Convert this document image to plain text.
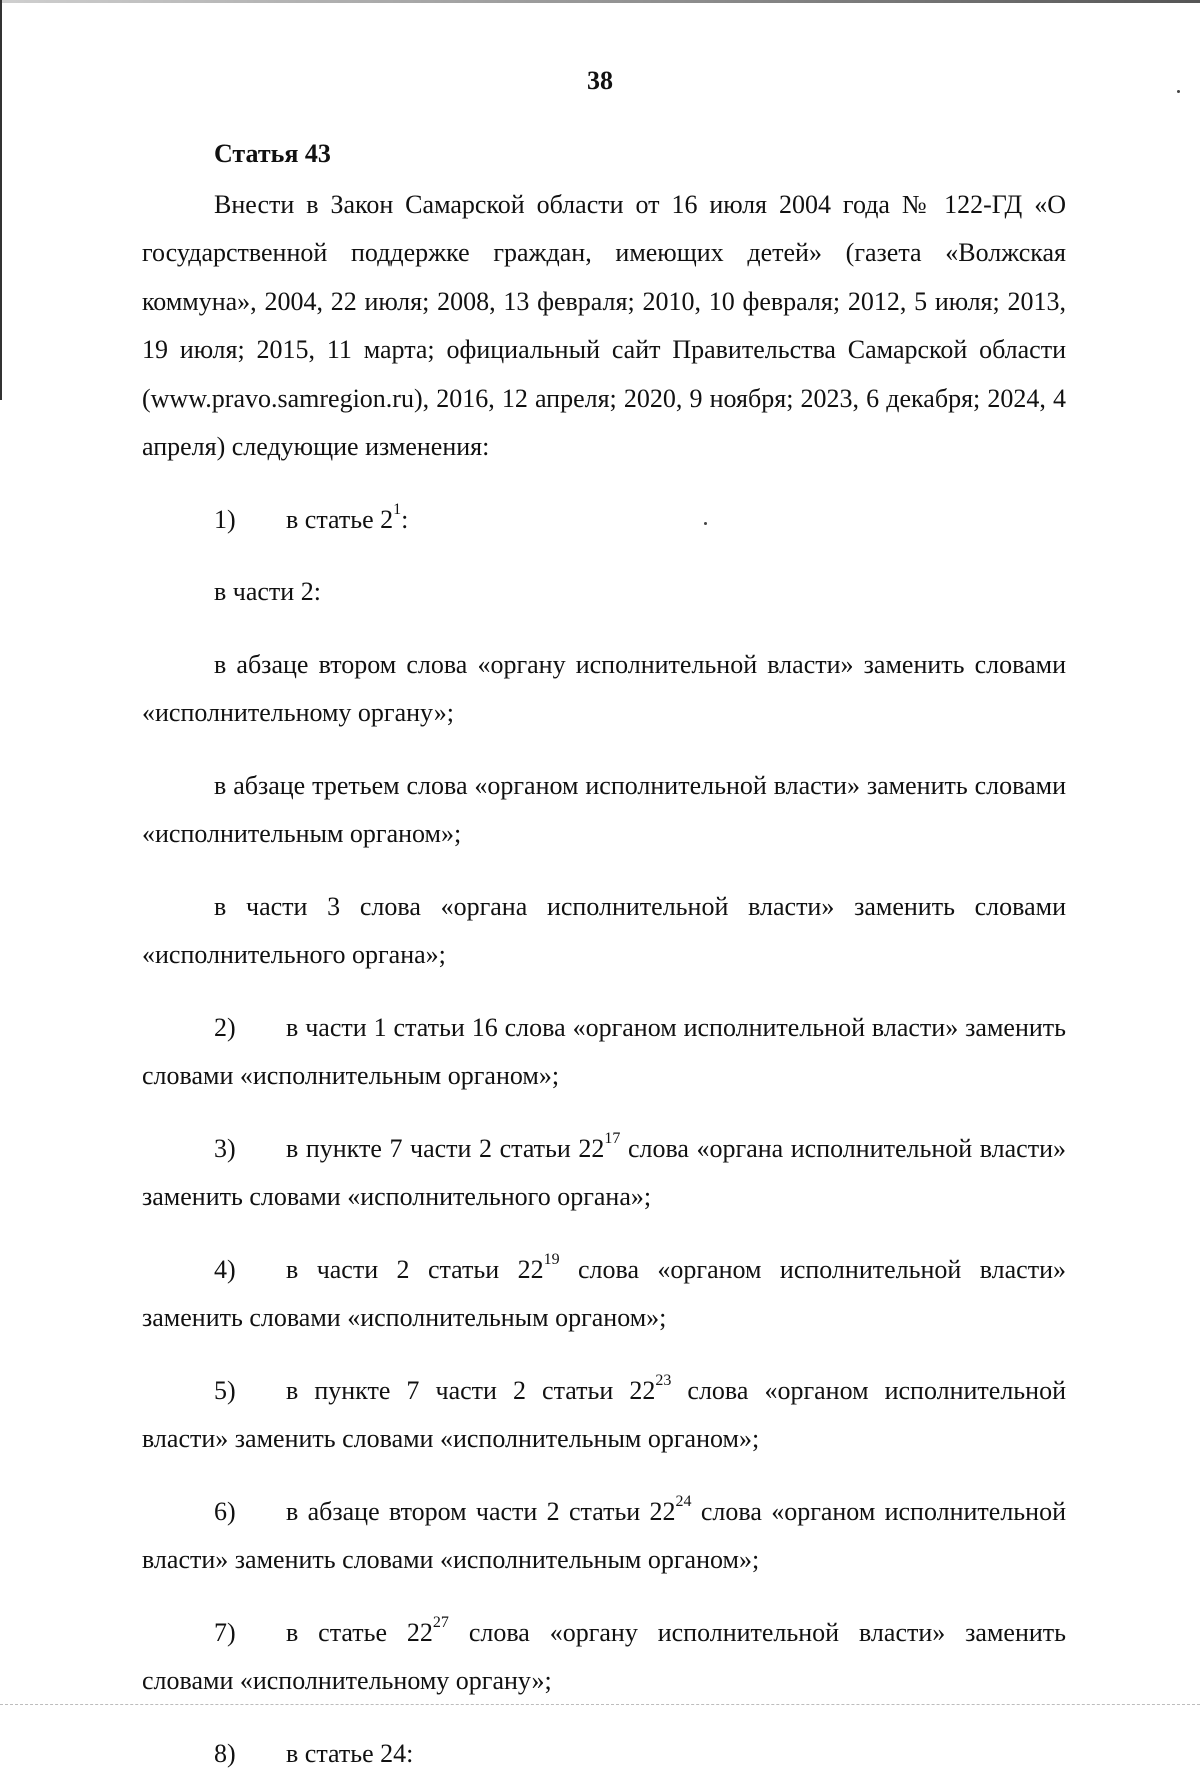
38
Статья 43

Внести в Закон Самарской области от 16 июля 2004 года № 122-ГД «О государственной поддержке граждан, имеющих детей» (газета «Волжская коммуна», 2004, 22 июля; 2008, 13 февраля; 2010, 10 февраля; 2012, 5 июля; 2013, 19 июля; 2015, 11 марта; официальный сайт Правительства Самарской области (www.pravo.samregion.ru), 2016, 12 апреля; 2020, 9 ноября; 2023, 6 декабря; 2024, 4 апреля) следующие изменения:

1) в статье $2^1$:

в части 2:

в абзаце втором слова «органу исполнительной власти» заменить словами «исполнительному органу»;

в абзаце третьем слова «органом исполнительной власти» заменить словами «исполнительным органом»;

в части 3 слова «органа исполнительной власти» заменить словами «исполнительного органа»;

2) в части 1 статьи 16 слова «органом исполнительной власти» заменить словами «исполнительным органом»;

3) в пункте 7 части 2 статьи $22^{17}$ слова «органа исполнительной власти» заменить словами «исполнительного органа»;

4) в части 2 статьи $22^{19}$ слова «органом исполнительной власти» заменить словами «исполнительным органом»;

5) в пункте 7 части 2 статьи $22^{23}$ слова «органом исполнительной власти» заменить словами «исполнительным органом»;

6) в абзаце втором части 2 статьи $22^{24}$ слова «органом исполнительной власти» заменить словами «исполнительным органом»;

7) в статье $22^{27}$ слова «органу исполнительной власти» заменить словами «исполнительному органу»;

8) в статье 24:
